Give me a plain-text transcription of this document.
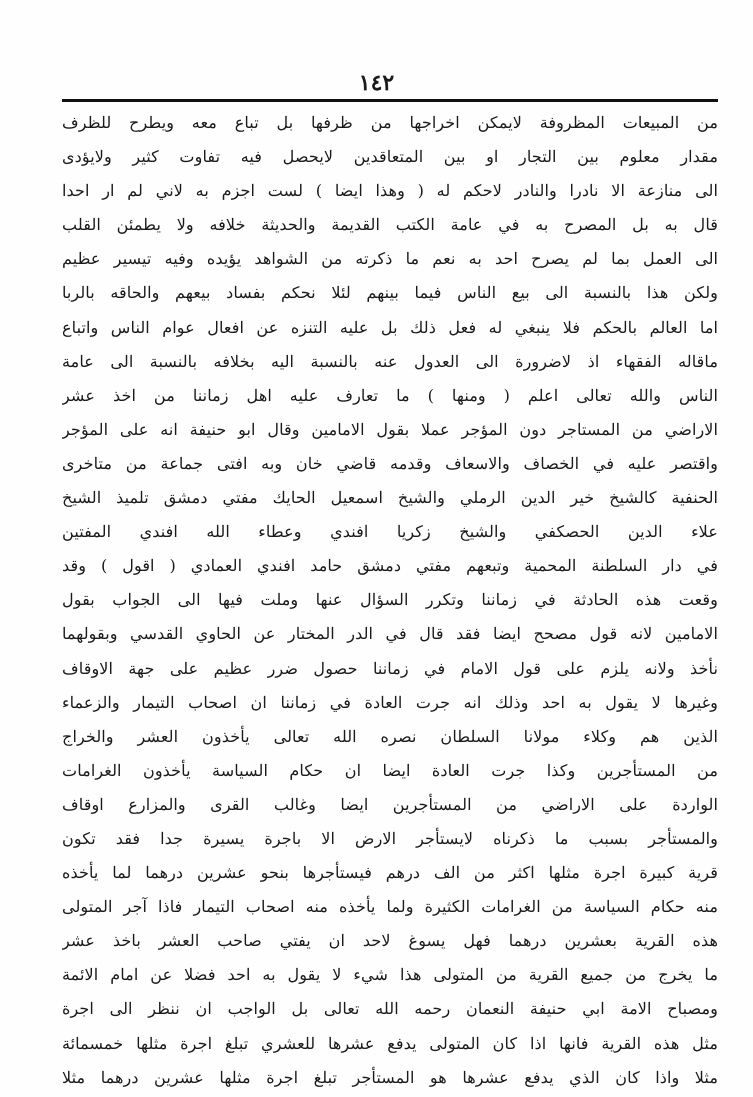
١٤٢
من المبيعات المظروفة لايمكن اخراجها من ظرفها بل تباع معه ويطرح للظرف
مقدار معلوم بين التجار او بين المتعاقدين لايحصل فيه تفاوت كثير ولايؤدى
الى منازعة الا نادرا والنادر لاحكم له ( وهذا ايضا ) لست اجزم به لاني لم ار احدا
قال به بل المصرح به في عامة الكتب القديمة والحديثة خلافه ولا يطمئن القلب
الى العمل بما لم يصرح احد به نعم ما ذكرته من الشواهد يؤيده وفيه تيسير عظيم
ولكن هذا بالنسبة الى بيع الناس فيما بينهم لئلا نحكم بفساد بيعهم والحاقه بالربا
اما العالم بالحكم فلا ينبغي له فعل ذلك بل عليه التنزه عن افعال عوام الناس واتباع
ماقاله الفقهاء اذ لاضرورة الى العدول عنه بالنسبة اليه بخلافه بالنسبة الى عامة
الناس والله تعالى اعلم ( ومنها ) ما تعارف عليه اهل زماننا من اخذ عشر
الاراضي من المستاجر دون المؤجر عملا بقول الامامين وقال ابو حنيفة انه على المؤجر
واقتصر عليه في الخصاف والاسعاف وقدمه قاضي خان وبه افتى جماعة من متاخرى
الحنفية كالشيخ خير الدين الرملي والشيخ اسمعيل الحايك مفتي دمشق تلميذ الشيخ
علاء الدين الحصكفي والشيخ زكريا افندي وعطاء الله افندي المفتين
في دار السلطنة المحمية وتبعهم مفتي دمشق حامد افندي العمادي ( اقول ) وقد
وقعت هذه الحادثة في زماننا وتكرر السؤال عنها وملت فيها الى الجواب بقول
الامامين لانه قول مصحح ايضا فقد قال في الدر المختار عن الحاوي القدسي وبقولهما
نأخذ ولانه يلزم على قول الامام في زماننا حصول ضرر عظيم على جهة الاوقاف
وغيرها لا يقول به احد وذلك انه جرت العادة في زماننا ان اصحاب التيمار والزعماء
الذين هم وكلاء مولانا السلطان نصره الله تعالى يأخذون العشر والخراج
من المستأجرين وكذا جرت العادة ايضا ان حكام السياسة يأخذون الغرامات
الواردة على الاراضي من المستأجرين ايضا وغالب القرى والمزارع اوقاف
والمستأجر بسبب ما ذكرناه لايستأجر الارض الا باجرة يسيرة جدا فقد تكون
قرية كبيرة اجرة مثلها اكثر من الف درهم فيستأجرها بنحو عشرين درهما لما يأخذه
منه حكام السياسة من الغرامات الكثيرة ولما يأخذه منه اصحاب التيمار فاذا آجر المتولى
هذه القرية بعشرين درهما فهل يسوغ لاحد ان يفتي صاحب العشر باخذ عشر
ما يخرج من جميع القرية من المتولى هذا شيء لا يقول به احد فضلا عن امام الائمة
ومصباح الامة ابي حنيفة النعمان رحمه الله تعالى بل الواجب ان ننظر الى اجرة
مثل هذه القرية فانها اذا كان المتولى يدفع عشرها للعشري تبلغ اجرة مثلها خمسمائة
مثلا واذا كان الذي يدفع عشرها هو المستأجر تبلغ اجرة مثلها عشرين درهما مثلا
